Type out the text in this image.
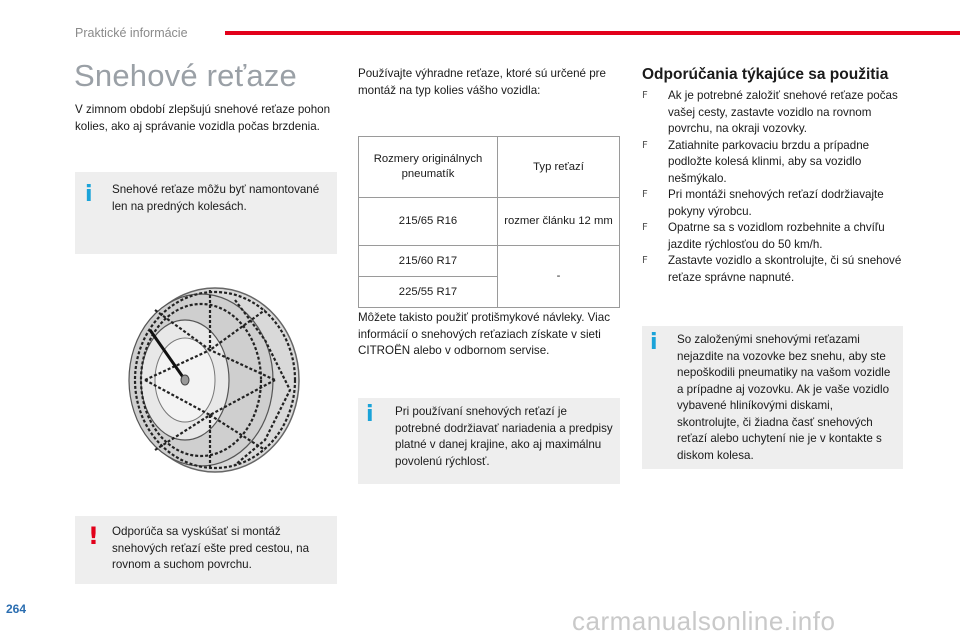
Praktické informácie
Snehové reťaze

V zimnom období zlepšujú snehové reťaze pohon kolies, ako aj správanie vozidla počas brzdenia.

i Snehové reťaze môžu byť namontované len na predných kolesách.

! Odporúča sa vyskúšať si montáž snehových reťazí ešte pred cestou, na rovnom a suchom povrchu.

Používajte výhradne reťaze, ktoré sú určené pre montáž na typ kolies vášho vozidla:

Rozmery originálnych pneumatík	Typ reťazí
215/65 R16	rozmer článku 12 mm
215/60 R17	-
225/55 R17	

Môžete takisto použiť protišmykové návleky. Viac informácií o snehových reťaziach získate v sieti CITROËN alebo v odbornom servise.

i Pri používaní snehových reťazí je potrebné dodržiavať nariadenia a predpisy platné v danej krajine, ako aj maximálnu povolenú rýchlosť.

Odporúčania týkajúce sa použitia
F Ak je potrebné založiť snehové reťaze počas vašej cesty, zastavte vozidlo na rovnom povrchu, na okraji vozovky.
F Zatiahnite parkovaciu brzdu a prípadne podložte kolesá klinmi, aby sa vozidlo nešmýkalo.
F Pri montáži snehových reťazí dodržiavajte pokyny výrobcu.
F Opatrne sa s vozidlom rozbehnite a chvíľu jazdite rýchlosťou do 50 km/h.
F Zastavte vozidlo a skontrolujte, či sú snehové reťaze správne napnuté.
i So založenými snehovými reťazami nejazdite na vozovke bez snehu, aby ste nepoškodili pneumatiky na vašom vozidle a prípadne aj vozovku. Ak je vaše vozidlo vybavené hliníkovými diskami, skontrolujte, či žiadna časť snehových reťazí alebo uchytení nie je v kontakte s diskom kolesa.

264	carmanualsonline.info
